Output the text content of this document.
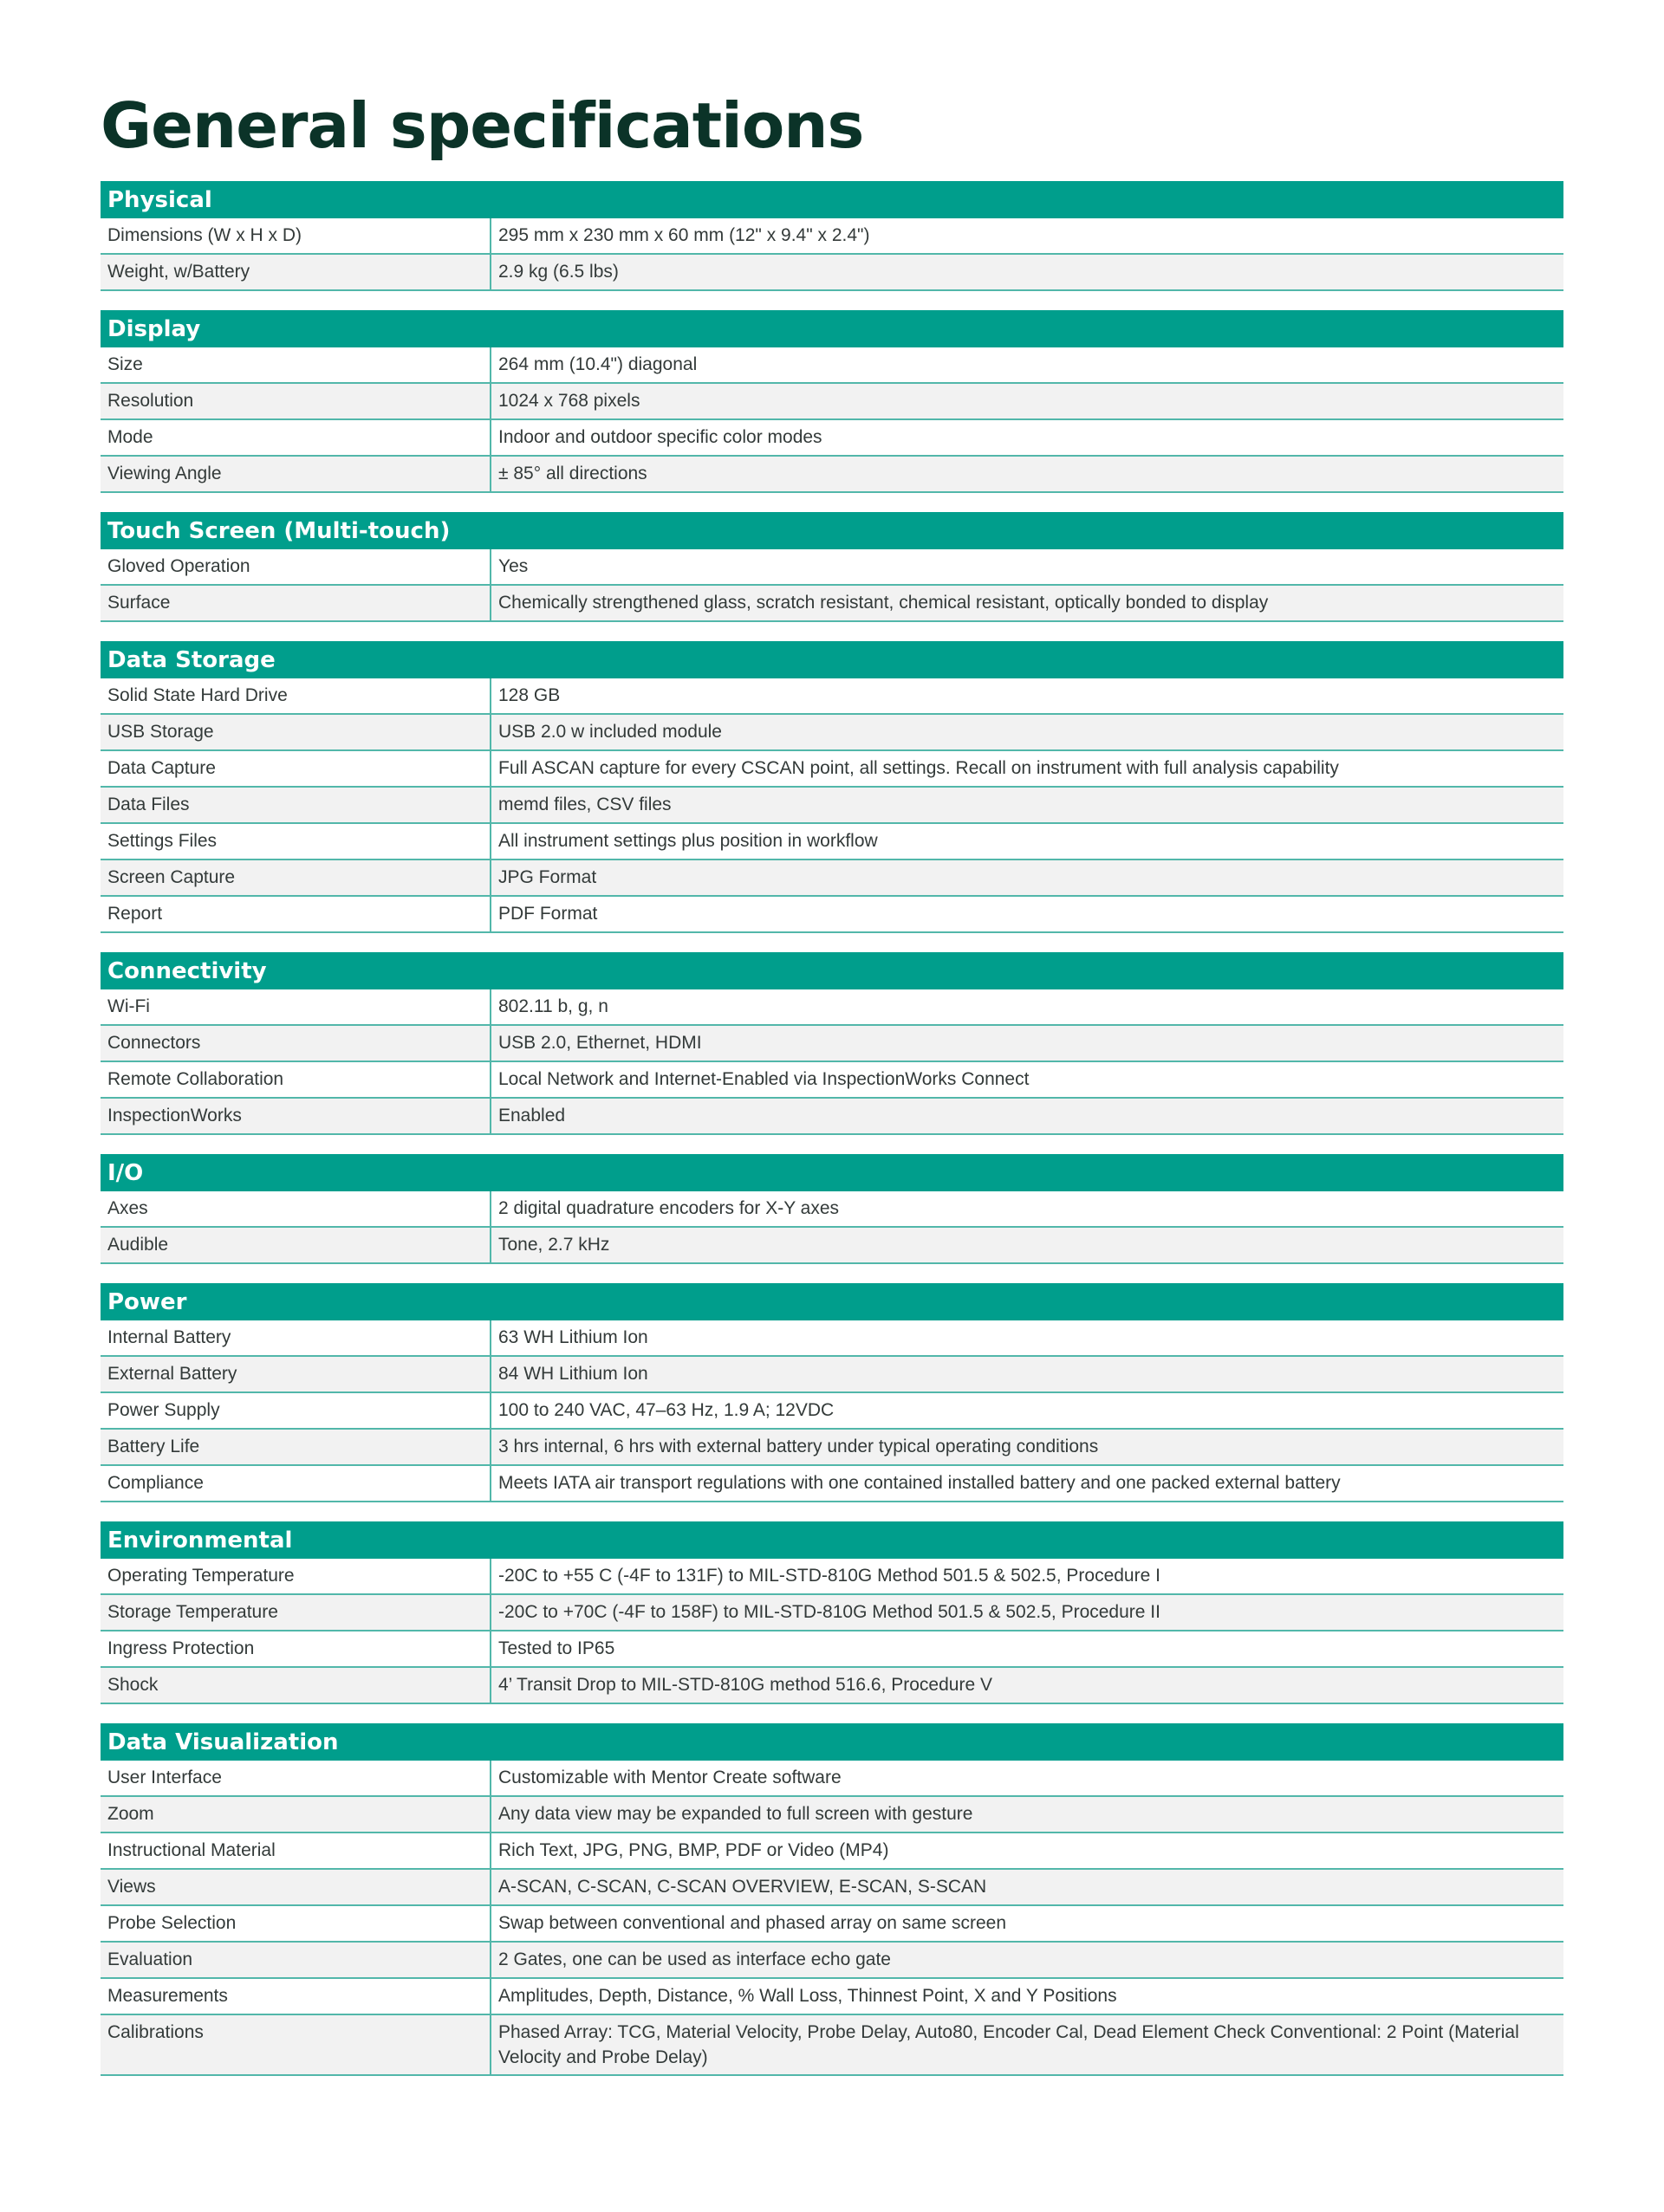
General specifications
Physical
Dimensions (W x H x D)	295 mm x 230 mm x 60 mm (12" x 9.4" x 2.4")
Weight, w/Battery	2.9 kg (6.5 lbs)
Display
Size	264 mm (10.4") diagonal
Resolution	1024 x 768 pixels
Mode	Indoor and outdoor specific color modes
Viewing Angle	± 85° all directions
Touch Screen (Multi-touch)
Gloved Operation	Yes
Surface	Chemically strengthened glass, scratch resistant, chemical resistant, optically bonded to display
Data Storage
Solid State Hard Drive	128 GB
USB Storage	USB 2.0 w included module
Data Capture	Full ASCAN capture for every CSCAN point, all settings. Recall on instrument with full analysis capability
Data Files	memd files, CSV files
Settings Files	All instrument settings plus position in workflow
Screen Capture	JPG Format
Report	PDF Format
Connectivity
Wi-Fi	802.11 b, g, n
Connectors	USB 2.0, Ethernet, HDMI
Remote Collaboration	Local Network and Internet-Enabled via InspectionWorks Connect
InspectionWorks	Enabled
I/O
Axes	2 digital quadrature encoders for X-Y axes
Audible	Tone, 2.7 kHz
Power
Internal Battery	63 WH Lithium Ion
External Battery	84 WH Lithium Ion
Power Supply	100 to 240 VAC, 47–63 Hz, 1.9 A; 12VDC
Battery Life	3 hrs internal, 6 hrs with external battery under typical operating conditions
Compliance	Meets IATA air transport regulations with one contained installed battery and one packed external battery
Environmental
Operating Temperature	-20C to +55 C (-4F to 131F) to MIL-STD-810G Method 501.5 & 502.5, Procedure I
Storage Temperature	-20C to +70C (-4F to 158F) to MIL-STD-810G Method 501.5 & 502.5, Procedure II
Ingress Protection	Tested to IP65
Shock	4’ Transit Drop to MIL-STD-810G method 516.6, Procedure V
Data Visualization
User Interface	Customizable with Mentor Create software
Zoom	Any data view may be expanded to full screen with gesture
Instructional Material	Rich Text, JPG, PNG, BMP, PDF or Video (MP4)
Views	A-SCAN, C-SCAN, C-SCAN OVERVIEW, E-SCAN, S-SCAN
Probe Selection	Swap between conventional and phased array on same screen
Evaluation	2 Gates, one can be used as interface echo gate
Measurements	Amplitudes, Depth, Distance, % Wall Loss, Thinnest Point, X and Y Positions
Calibrations	Phased Array: TCG, Material Velocity, Probe Delay, Auto80, Encoder Cal, Dead Element Check Conventional: 2 Point (Material Velocity and Probe Delay)
